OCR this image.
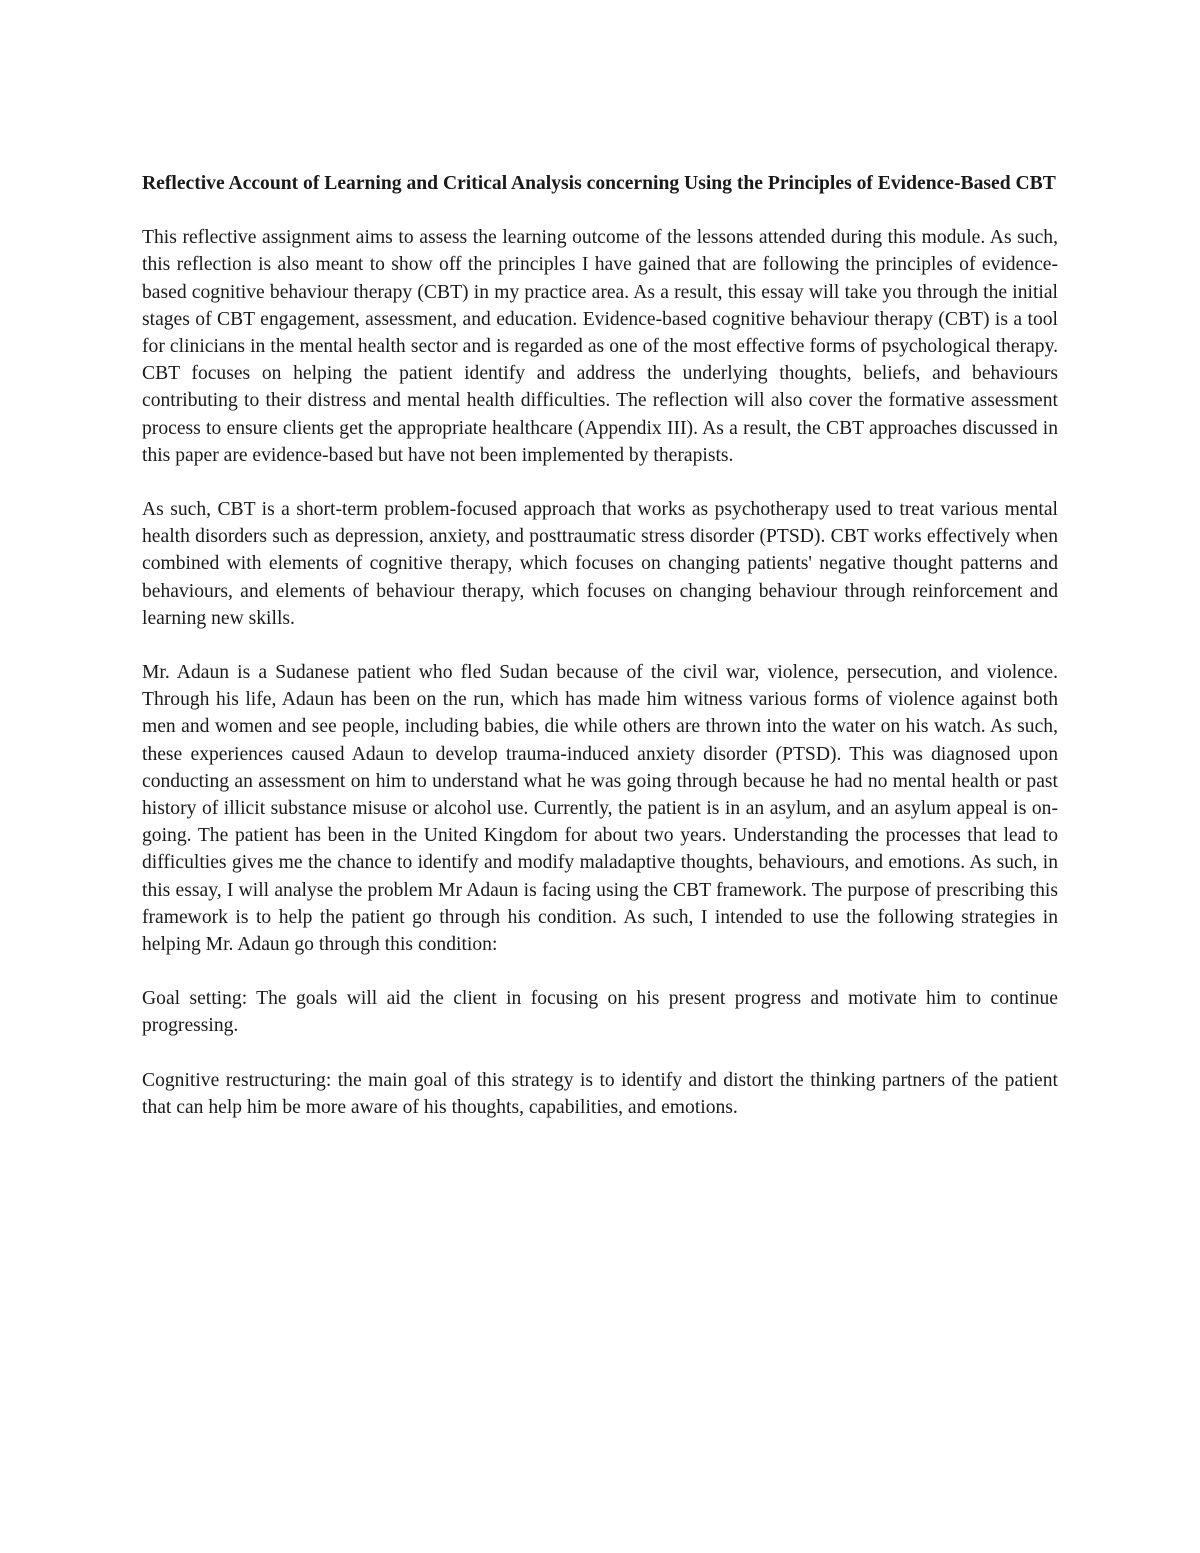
Reflective Account of Learning and Critical Analysis concerning Using the Principles of Evidence-Based CBT

This reflective assignment aims to assess the learning outcome of the lessons attended during this module. As such, this reflection is also meant to show off the principles I have gained that are following the principles of evidence-based cognitive behaviour therapy (CBT) in my practice area. As a result, this essay will take you through the initial stages of CBT engagement, assessment, and education. Evidence-based cognitive behaviour therapy (CBT) is a tool for clinicians in the mental health sector and is regarded as one of the most effective forms of psychological therapy. CBT focuses on helping the patient identify and address the underlying thoughts, beliefs, and behaviours contributing to their distress and mental health difficulties. The reflection will also cover the formative assessment process to ensure clients get the appropriate healthcare (Appendix III). As a result, the CBT approaches discussed in this paper are evidence-based but have not been implemented by therapists.

As such, CBT is a short-term problem-focused approach that works as psychotherapy used to treat various mental health disorders such as depression, anxiety, and posttraumatic stress disorder (PTSD). CBT works effectively when combined with elements of cognitive therapy, which focuses on changing patients' negative thought patterns and behaviours, and elements of behaviour therapy, which focuses on changing behaviour through reinforcement and learning new skills.

Mr. Adaun is a Sudanese patient who fled Sudan because of the civil war, violence, persecution, and violence. Through his life, Adaun has been on the run, which has made him witness various forms of violence against both men and women and see people, including babies, die while others are thrown into the water on his watch. As such, these experiences caused Adaun to develop trauma-induced anxiety disorder (PTSD). This was diagnosed upon conducting an assessment on him to understand what he was going through because he had no mental health or past history of illicit substance misuse or alcohol use. Currently, the patient is in an asylum, and an asylum appeal is on-going. The patient has been in the United Kingdom for about two years. Understanding the processes that lead to difficulties gives me the chance to identify and modify maladaptive thoughts, behaviours, and emotions. As such, in this essay, I will analyse the problem Mr Adaun is facing using the CBT framework. The purpose of prescribing this framework is to help the patient go through his condition. As such, I intended to use the following strategies in helping Mr. Adaun go through this condition:

Goal setting: The goals will aid the client in focusing on his present progress and motivate him to continue progressing.

Cognitive restructuring: the main goal of this strategy is to identify and distort the thinking partners of the patient that can help him be more aware of his thoughts, capabilities, and emotions.
